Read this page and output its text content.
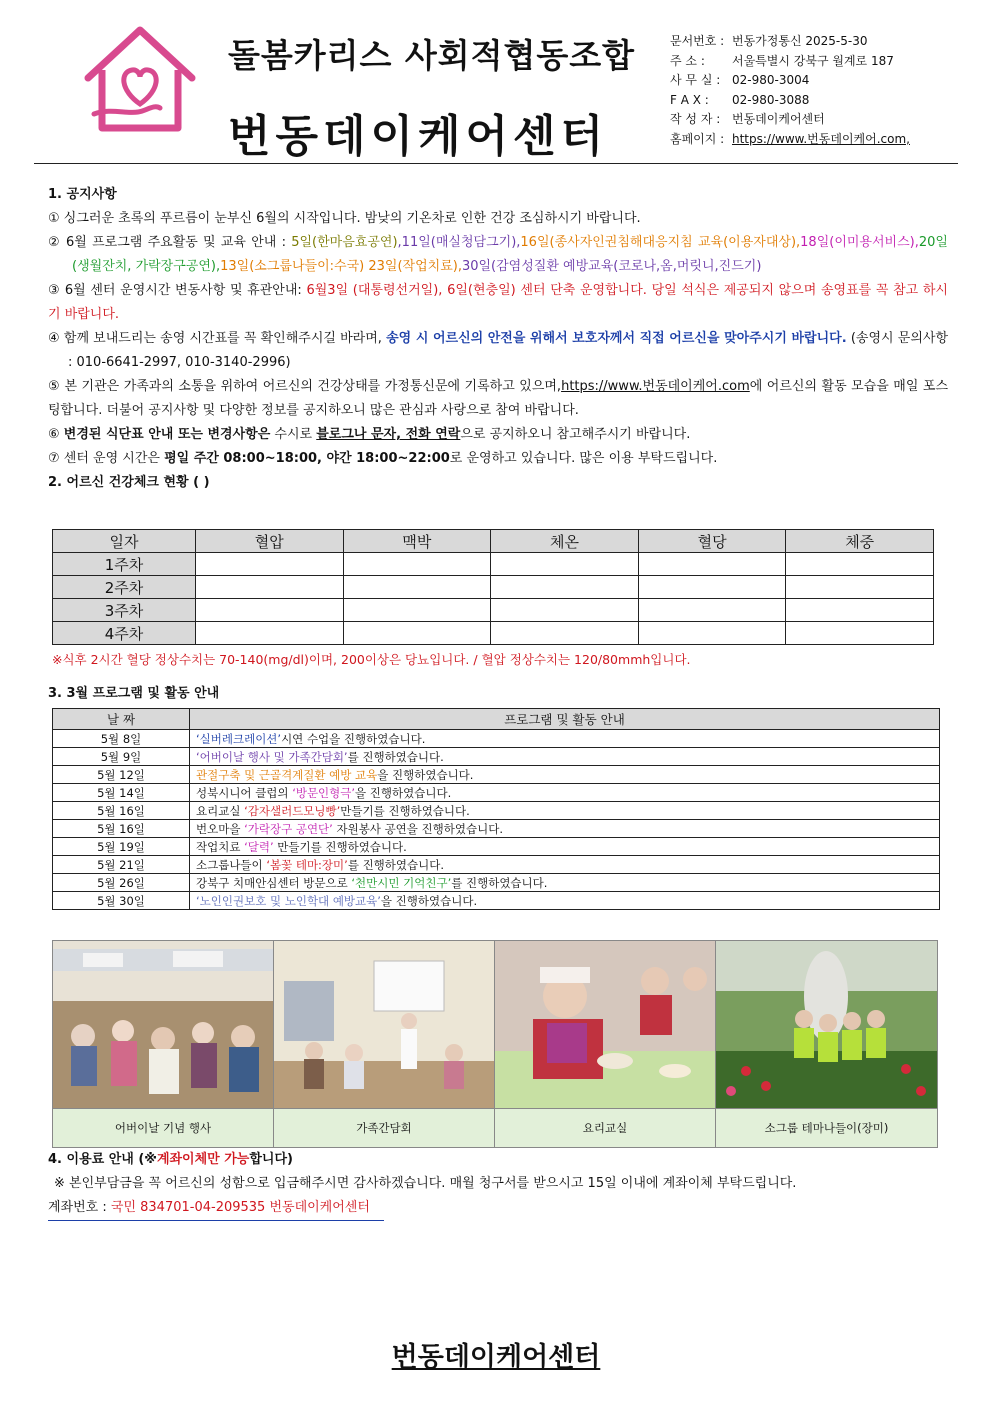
돌봄카리스 사회적협동조합
번동데이케어센터
문서번호 : 번동가정통신 2025-5-30
주 소 : 서울특별시 강북구 월계로 187
사 무 실 : 02-980-3004
F A X : 02-980-3088
작 성 자 : 번동데이케어센터
홈페이지 : https://www.번동데이케어.com,

1. 공지사항

① 싱그러운 초록의 푸르름이 눈부신 6월의 시작입니다. 밤낮의 기온차로 인한 건강 조심하시기 바랍니다.

② 6월 프로그램 주요활동 및 교육 안내 : 5일(한마음효공연),11일(매실청담그기),16일(종사자인권침해대응지침 교육(이용자대상),18일(이미용서비스),20일(생월잔치, 가락장구공연),13일(소그룹나들이:수국) 23일(작업치료),30일(감염성질환 예방교육(코로나,옴,머릿니,진드기)

③ 6월 센터 운영시간 변동사항 및 휴관안내: 6월3일 (대통령선거일), 6일(현충일) 센터 단축 운영합니다. 당일 석식은 제공되지 않으며 송영표를 꼭 참고 하시기 바랍니다.

④ 함께 보내드리는 송영 시간표를 꼭 확인해주시길 바라며, 송영 시 어르신의 안전을 위해서 보호자께서 직접 어르신을 맞아주시기 바랍니다. (송영시 문의사항 : 010-6641-2997, 010-3140-2996)

⑤ 본 기관은 가족과의 소통을 위하여 어르신의 건강상태를 가정통신문에 기록하고 있으며,https://www.번동데이케어.com에 어르신의 활동 모습을 매일 포스팅합니다. 더불어 공지사항 및 다양한 정보를 공지하오니 많은 관심과 사랑으로 참여 바랍니다.

⑥ 변경된 식단표 안내 또는 변경사항은 수시로 블로그나 문자, 전화 연락으로 공지하오니 참고해주시기 바랍니다.

⑦ 센터 운영 시간은 평일 주간 08:00~18:00, 야간 18:00~22:00로 운영하고 있습니다. 많은 이용 부탁드립니다.

2. 어르신 건강체크 현황 ( )

일자	혈압	맥박	체온	혈당	체중
1주차					
2주차					
3주차					
4주차					
※식후 2시간 혈당 정상수치는 70-140(mg/dl)이며, 200이상은 당뇨입니다. / 혈압 정상수치는 120/80mmh입니다.
3. 3월 프로그램 및 활동 안내
날 짜	프로그램 및 활동 안내
5월 8일	‘실버레크레이션’시연 수업을 진행하였습니다.
5월 9일	‘어버이날 행사 및 가족간담회’를 진행하였습니다.
5월 12일	관절구축 및 근골격계질환 예방 교육을 진행하였습니다.
5월 14일	성북시니어 클럽의 ‘방문인형극’을 진행하였습니다.
5월 16일	요리교실 ‘감자샐러드모닝빵’만들기를 진행하였습니다.
5월 16일	번오마을 ‘가락장구 공연단’ 자원봉사 공연을 진행하였습니다.
5월 19일	작업치료 ‘달력’ 만들기를 진행하였습니다.
5월 21일	소그룹나들이 ‘봄꽃 테마:장미’를 진행하였습니다.
5월 26일	강북구 치매안심센터 방문으로 ‘천만시민 기억친구’를 진행하였습니다.
5월 30일	‘노인인권보호 및 노인학대 예방교육’을 진행하였습니다.
어버이날 기념 행사	가족간담회	요리교실	소그룹 테마나들이(장미)
4. 이용료 안내 (※계좌이체만 가능합니다)
※ 본인부담금을 꼭 어르신의 성함으로 입금해주시면 감사하겠습니다. 매월 청구서를 받으시고 15일 이내에 계좌이체 부탁드립니다.
계좌번호 : 국민 834701-04-209535 번동데이케어센터
번동데이케어센터
